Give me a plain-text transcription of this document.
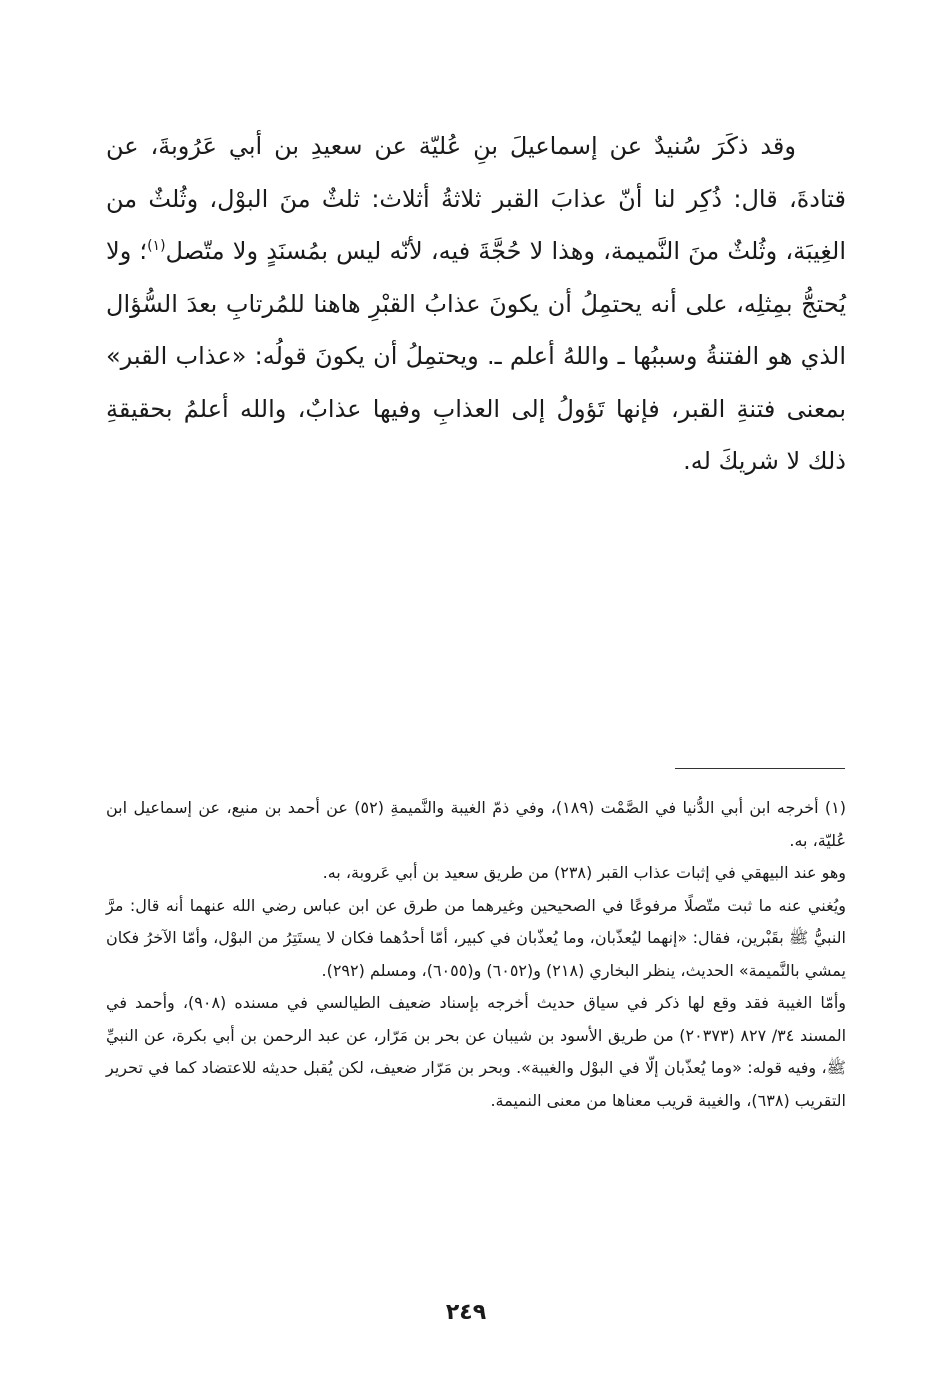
وقد ذكَرَ سُنيدٌ عن إسماعيلَ بنِ عُليّة عن سعيدِ بن أبي عَرُوبةَ، عن قتادةَ، قال: ذُكِر لنا أنّ عذابَ القبر ثلاثةُ أثلاث: ثلثٌ منَ البوْل، وثُلثٌ من الغِيبَة، وثُلثٌ منَ النَّميمة، وهذا لا حُجَّةَ فيه، لأنّه ليس بمُسنَدٍ ولا متّصل$^{(١)}$؛ ولا يُحتجُّ بمِثلِه، على أنه يحتمِلُ أن يكونَ عذابُ القبْرِ هاهنا للمُرتابِ بعدَ السُّؤال الذي هو الفتنةُ وسببُها ـ واللهُ أعلم ـ. ويحتمِلُ أن يكونَ قولُه: «عذاب القبر» بمعنى فتنةِ القبر، فإنها تَؤولُ إلى العذابِ وفيها عذابٌ، والله أعلمُ بحقيقةِ ذلك لا شريكَ له.

(١) أخرجه ابن أبي الدُّنيا في الصَّمْت (١٨٩)، وفي ذمّ الغيبة والنَّميمةِ (٥٢) عن أحمد بن منيع، عن إسماعيل ابن عُليّة، به.

وهو عند البيهقي في إثبات عذاب القبر (٢٣٨) من طريق سعيد بن أبي عَروبة، به.

ويُغني عنه ما ثبت متّصلًا مرفوعًا في الصحيحين وغيرهما من طرق عن ابن عباس رضي الله عنهما أنه قال: مرَّ النبيُّ ﷺ بقَبْرين، فقال: «إنهما ليُعذّبان، وما يُعذّبان في كبير، أمّا أحدُهما فكان لا يستَتِرُ من البوْل، وأمّا الآخرُ فكان يمشي بالنَّميمة» الحديث، ينظر البخاري (٢١٨) و(٦٠٥٢) و(٦٠٥٥)، ومسلم (٢٩٢).

وأمّا الغيبة فقد وقع لها ذكر في سياق حديث أخرجه بإسناد ضعيف الطيالسي في مسنده (٩٠٨)، وأحمد في المسند ٣٤/ ٨٢٧ (٢٠٣٧٣) من طريق الأسود بن شيبان عن بحر بن مَرّار، عن عبد الرحمن بن أبي بكرة، عن النبيِّ ﷺ، وفيه قوله: «وما يُعذّبان إلّا في البوْل والغيبة». وبحر بن مَرّار ضعيف، لكن يُقبل حديثه للاعتضاد كما في تحرير التقريب (٦٣٨)، والغيبة قريب معناها من معنى النميمة.

٢٤٩
